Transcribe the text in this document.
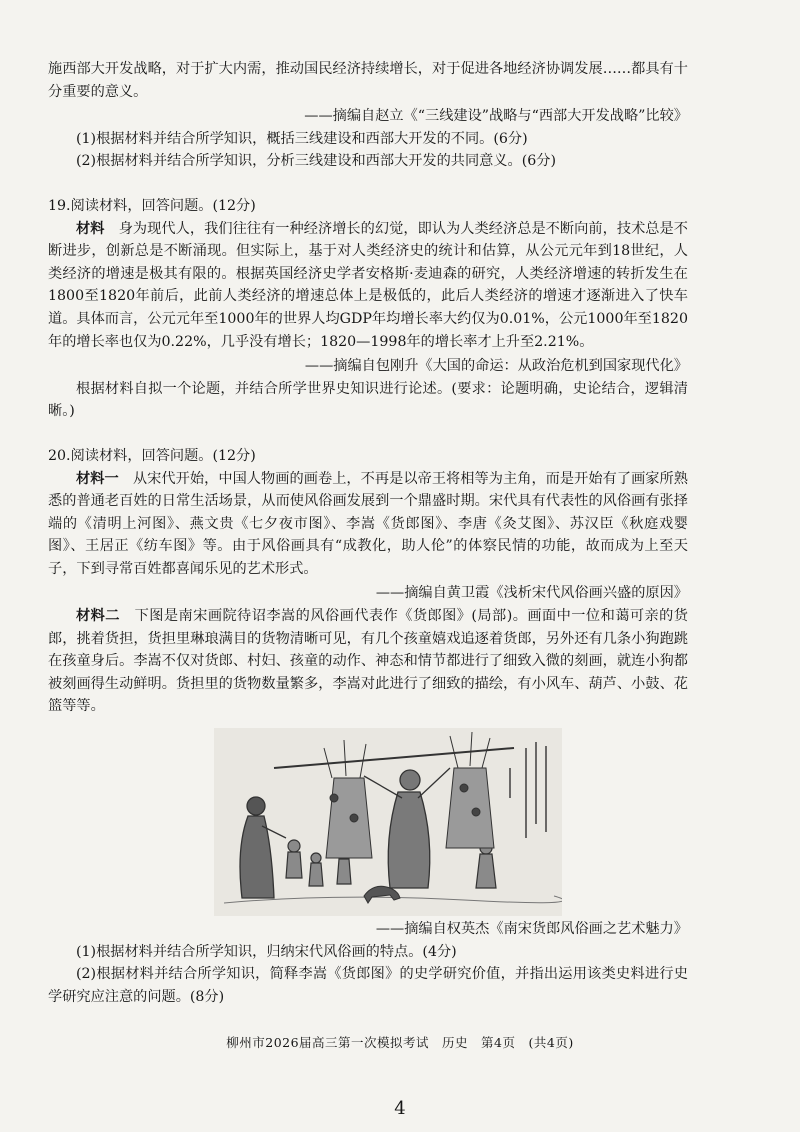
施西部大开发战略，对于扩大内需，推动国民经济持续增长，对于促进各地经济协调发展……都具有十分重要的意义。

——摘编自赵立《“三线建设”战略与“西部大开发战略”比较》

(1)根据材料并结合所学知识，概括三线建设和西部大开发的不同。(6分)

(2)根据材料并结合所学知识，分析三线建设和西部大开发的共同意义。(6分)

19.阅读材料，回答问题。(12分)

材料　 身为现代人，我们往往有一种经济增长的幻觉，即认为人类经济总是不断向前，技术总是不断进步，创新总是不断涌现。但实际上，基于对人类经济史的统计和估算，从公元元年到18世纪，人类经济的增速是极其有限的。根据英国经济史学者安格斯·麦迪森的研究，人类经济增速的转折发生在1800至1820年前后，此前人类经济的增速总体上是极低的，此后人类经济的增速才逐渐进入了快车道。具体而言，公元元年至1000年的世界人均GDP年均增长率大约仅为0.01%，公元1000年至1820年的增长率也仅为0.22%，几乎没有增长；1820—1998年的增长率才上升至2.21%。

——摘编自包刚升《大国的命运：从政治危机到国家现代化》

根据材料自拟一个论题，并结合所学世界史知识进行论述。(要求：论题明确，史论结合，逻辑清晰。)

20.阅读材料，回答问题。(12分)

材料一　 从宋代开始，中国人物画的画卷上，不再是以帝王将相等为主角，而是开始有了画家所熟悉的普通老百姓的日常生活场景，从而使风俗画发展到一个鼎盛时期。宋代具有代表性的风俗画有张择端的《清明上河图》、燕文贵《七夕夜市图》、李嵩《货郎图》、李唐《灸艾图》、苏汉臣《秋庭戏婴图》、王居正《纺车图》等。由于风俗画具有“成教化，助人伦”的体察民情的功能，故而成为上至天子，下到寻常百姓都喜闻乐见的艺术形式。

——摘编自黄卫霞《浅析宋代风俗画兴盛的原因》

材料二　 下图是南宋画院待诏李嵩的风俗画代表作《货郎图》(局部)。画面中一位和蔼可亲的货郎，挑着货担，货担里琳琅满目的货物清晰可见，有几个孩童嬉戏追逐着货郎，另外还有几条小狗跑跳在孩童身后。李嵩不仅对货郎、村妇、孩童的动作、神态和情节都进行了细致入微的刻画，就连小狗都被刻画得生动鲜明。货担里的货物数量繁多，李嵩对此进行了细致的描绘，有小风车、葫芦、小鼓、花篮等等。

——摘编自权英杰《南宋货郎风俗画之艺术魅力》

(1)根据材料并结合所学知识，归纳宋代风俗画的特点。(4分)

(2)根据材料并结合所学知识，简释李嵩《货郎图》的史学研究价值，并指出运用该类史料进行史学研究应注意的问题。(8分)

柳州市2026届高三第一次模拟考试　历史　第4页　(共4页)
4
